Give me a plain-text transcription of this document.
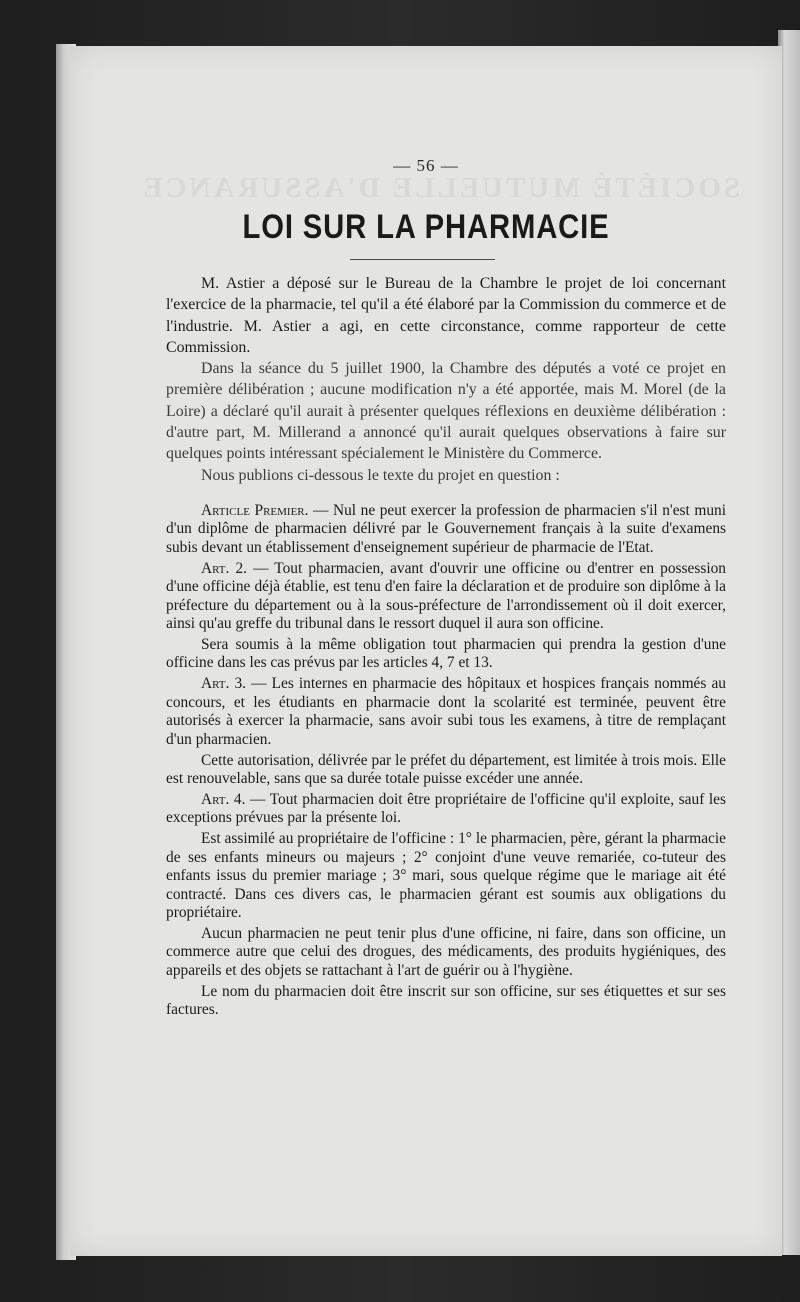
SOCIÉTÉ MUTUELLE D'ASSURANCE
— 56 —
LOI SUR LA PHARMACIE

M. Astier a déposé sur le Bureau de la Chambre le projet de loi concernant l'exercice de la pharmacie, tel qu'il a été élaboré par la Commission du commerce et de l'industrie. M. Astier a agi, en cette circonstance, comme rapporteur de cette Commission.

Dans la séance du 5 juillet 1900, la Chambre des députés a voté ce projet en première délibération ; aucune modification n'y a été apportée, mais M. Morel (de la Loire) a déclaré qu'il aurait à présenter quelques réflexions en deuxième délibération : d'autre part, M. Millerand a annoncé qu'il aurait quelques observations à faire sur quelques points intéressant spécialement le Ministère du Commerce.

Nous publions ci-dessous le texte du projet en question :

Article Premier. — Nul ne peut exercer la profession de pharmacien s'il n'est muni d'un diplôme de pharmacien délivré par le Gouvernement français à la suite d'examens subis devant un établissement d'enseignement supérieur de pharmacie de l'Etat.

Art. 2. — Tout pharmacien, avant d'ouvrir une officine ou d'entrer en possession d'une officine déjà établie, est tenu d'en faire la déclaration et de produire son diplôme à la préfecture du département ou à la sous-préfecture de l'arrondissement où il doit exercer, ainsi qu'au greffe du tribunal dans le ressort duquel il aura son officine.

Sera soumis à la même obligation tout pharmacien qui prendra la gestion d'une officine dans les cas prévus par les articles 4, 7 et 13.

Art. 3. — Les internes en pharmacie des hôpitaux et hospices français nommés au concours, et les étudiants en pharmacie dont la scolarité est terminée, peuvent être autorisés à exercer la pharmacie, sans avoir subi tous les examens, à titre de remplaçant d'un pharmacien.

Cette autorisation, délivrée par le préfet du département, est limitée à trois mois. Elle est renouvelable, sans que sa durée totale puisse excéder une année.

Art. 4. — Tout pharmacien doit être propriétaire de l'officine qu'il exploite, sauf les exceptions prévues par la présente loi.

Est assimilé au propriétaire de l'officine : 1° le pharmacien, père, gérant la pharmacie de ses enfants mineurs ou majeurs ; 2° conjoint d'une veuve remariée, co-tuteur des enfants issus du premier mariage ; 3° mari, sous quelque régime que le mariage ait été contracté. Dans ces divers cas, le pharmacien gérant est soumis aux obligations du propriétaire.

Aucun pharmacien ne peut tenir plus d'une officine, ni faire, dans son officine, un commerce autre que celui des drogues, des médicaments, des produits hygiéniques, des appareils et des objets se rattachant à l'art de guérir ou à l'hygiène.

Le nom du pharmacien doit être inscrit sur son officine, sur ses étiquettes et sur ses factures.
